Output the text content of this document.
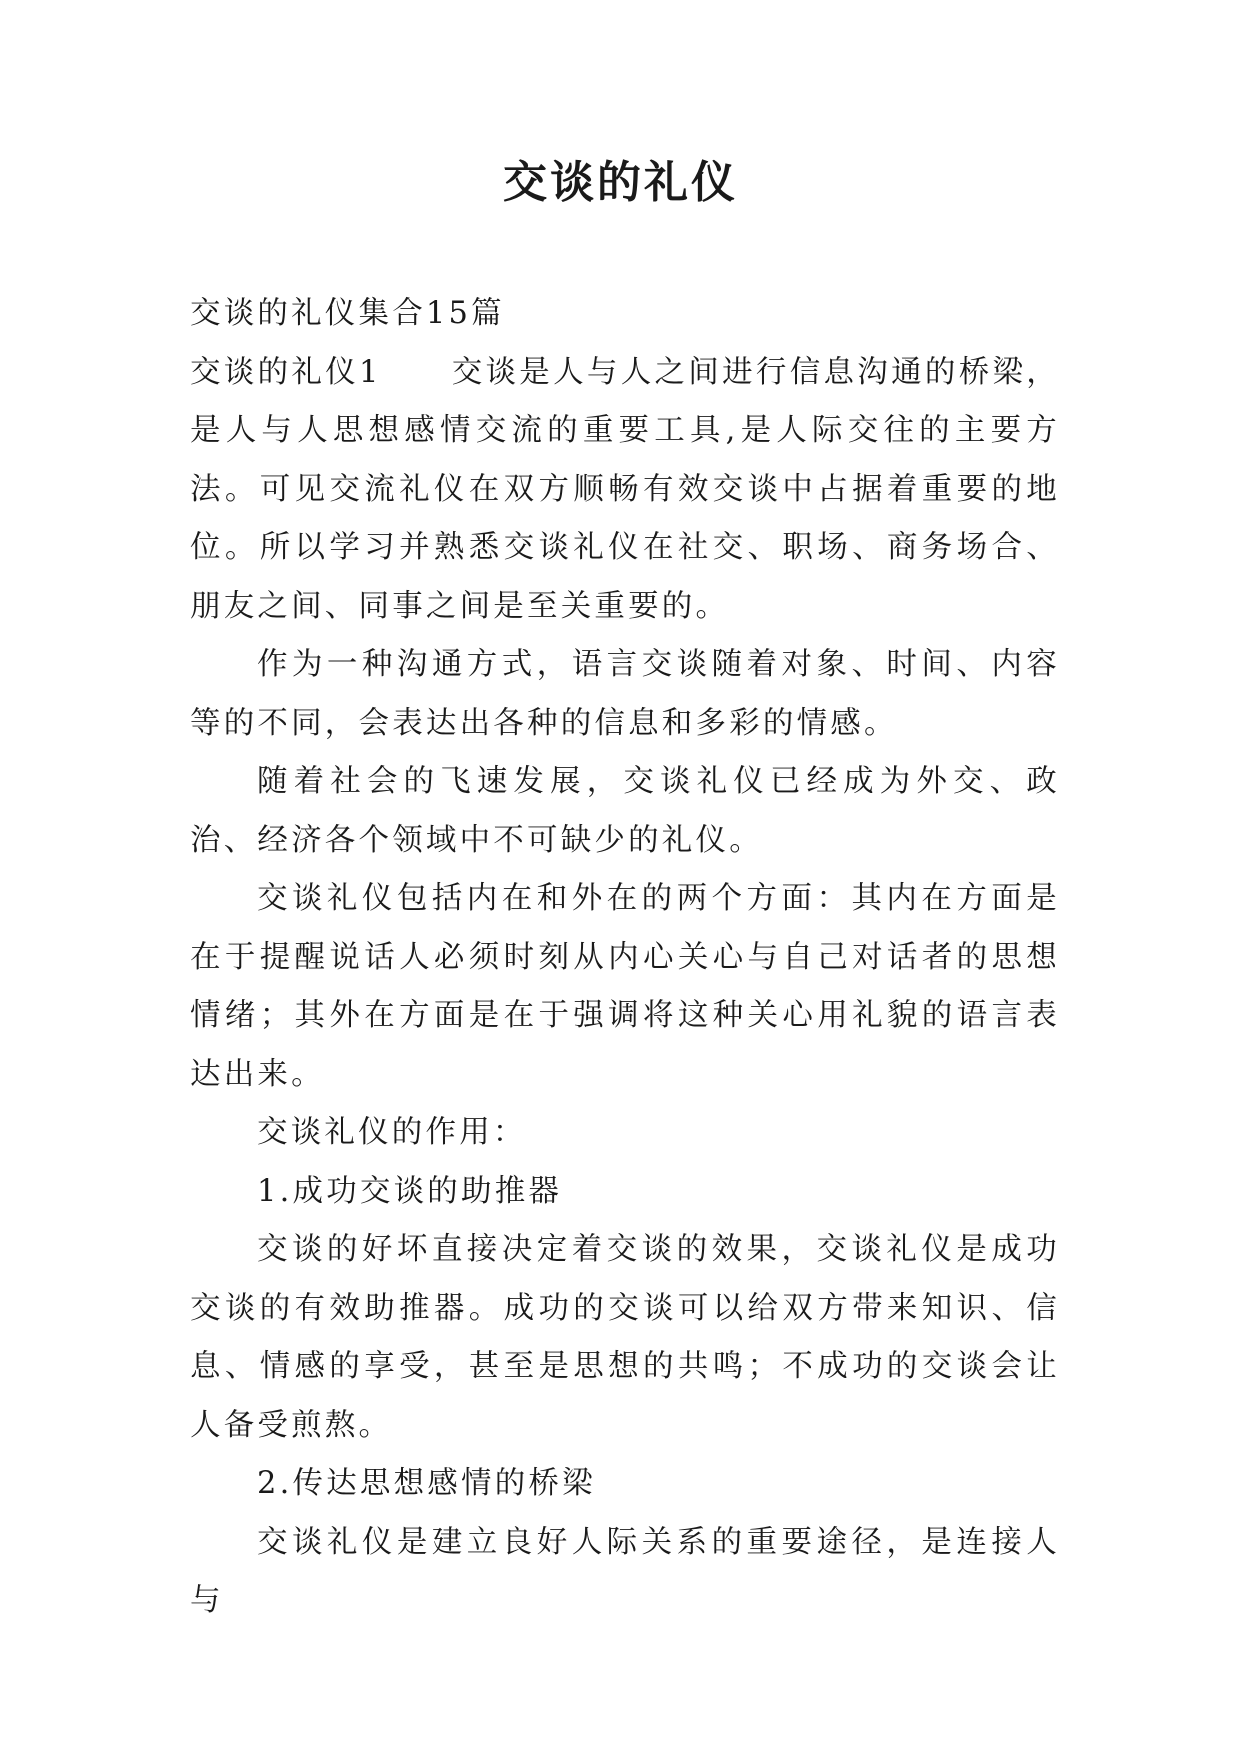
交谈的礼仪

交谈的礼仪集合15篇

交谈的礼仪1 交谈是人与人之间进行信息沟通的桥梁，是人与人思想感情交流的重要工具,是人际交往的主要方法。可见交流礼仪在双方顺畅有效交谈中占据着重要的地位。所以学习并熟悉交谈礼仪在社交、职场、商务场合、朋友之间、同事之间是至关重要的。

作为一种沟通方式，语言交谈随着对象、时间、内容等的不同，会表达出各种的信息和多彩的情感。

随着社会的飞速发展，交谈礼仪已经成为外交、政治、经济各个领域中不可缺少的礼仪。

交谈礼仪包括内在和外在的两个方面：其内在方面是在于提醒说话人必须时刻从内心关心与自己对话者的思想情绪；其外在方面是在于强调将这种关心用礼貌的语言表达出来。

交谈礼仪的作用：

1.成功交谈的助推器

交谈的好坏直接决定着交谈的效果，交谈礼仪是成功交谈的有效助推器。成功的交谈可以给双方带来知识、信息、情感的享受，甚至是思想的共鸣；不成功的交谈会让人备受煎熬。

2.传达思想感情的桥梁

交谈礼仪是建立良好人际关系的重要途径，是连接人与
